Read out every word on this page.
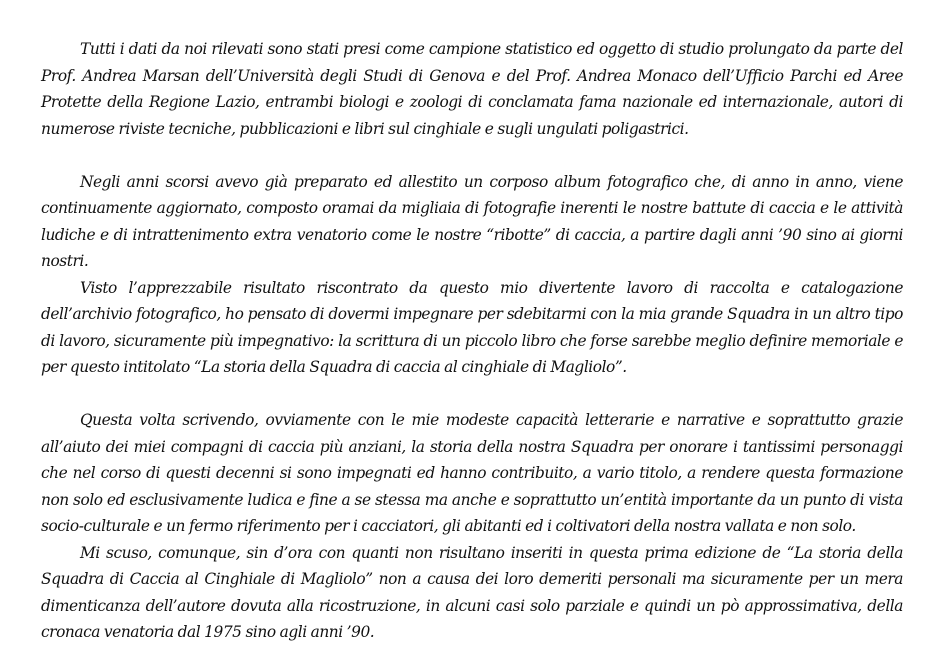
Tutti i dati da noi rilevati sono stati presi come campione statistico ed oggetto di studio prolungato da parte del Prof. Andrea Marsan dell’Università degli Studi di Genova e del Prof. Andrea Monaco dell’Ufficio Parchi ed Aree Protette della Regione Lazio, entrambi biologi e zoologi di conclamata fama nazionale ed internazionale, autori di numerose riviste tecniche, pubblicazioni e libri sul cinghiale e sugli ungulati poligastrici.

Negli anni scorsi avevo già preparato ed allestito un corposo album fotografico che, di anno in anno, viene continuamente aggiornato, composto oramai da migliaia di fotografie inerenti le nostre battute di caccia e le attività ludiche e di intrattenimento extra venatorio come le nostre “ribotte” di caccia, a partire dagli anni ’90 sino ai giorni nostri.

Visto l’apprezzabile risultato riscontrato da questo mio divertente lavoro di raccolta e catalogazione dell’archivio fotografico, ho pensato di dovermi impegnare per sdebitarmi con la mia grande Squadra in un altro tipo di lavoro, sicuramente più impegnativo: la scrittura di un piccolo libro che forse sarebbe meglio definire memoriale e per questo intitolato “La storia della Squadra di caccia al cinghiale di Magliolo”.

Questa volta scrivendo, ovviamente con le mie modeste capacità letterarie e narrative e soprattutto grazie all’aiuto dei miei compagni di caccia più anziani, la storia della nostra Squadra per onorare i tantissimi personaggi che nel corso di questi decenni si sono impegnati ed hanno contribuito, a vario titolo, a rendere questa formazione non solo ed esclusivamente ludica e fine a se stessa ma anche e soprattutto un’entità importante da un punto di vista socio-culturale e un fermo riferimento per i cacciatori, gli abitanti ed i coltivatori della nostra vallata e non solo.

Mi scuso, comunque, sin d’ora con quanti non risultano inseriti in questa prima edizione de “La storia della Squadra di Caccia al Cinghiale di Magliolo” non a causa dei loro demeriti personali ma sicuramente per un mera dimenticanza dell’autore dovuta alla ricostruzione, in alcuni casi solo parziale e quindi un pò approssimativa, della cronaca venatoria dal 1975 sino agli anni ’90.
